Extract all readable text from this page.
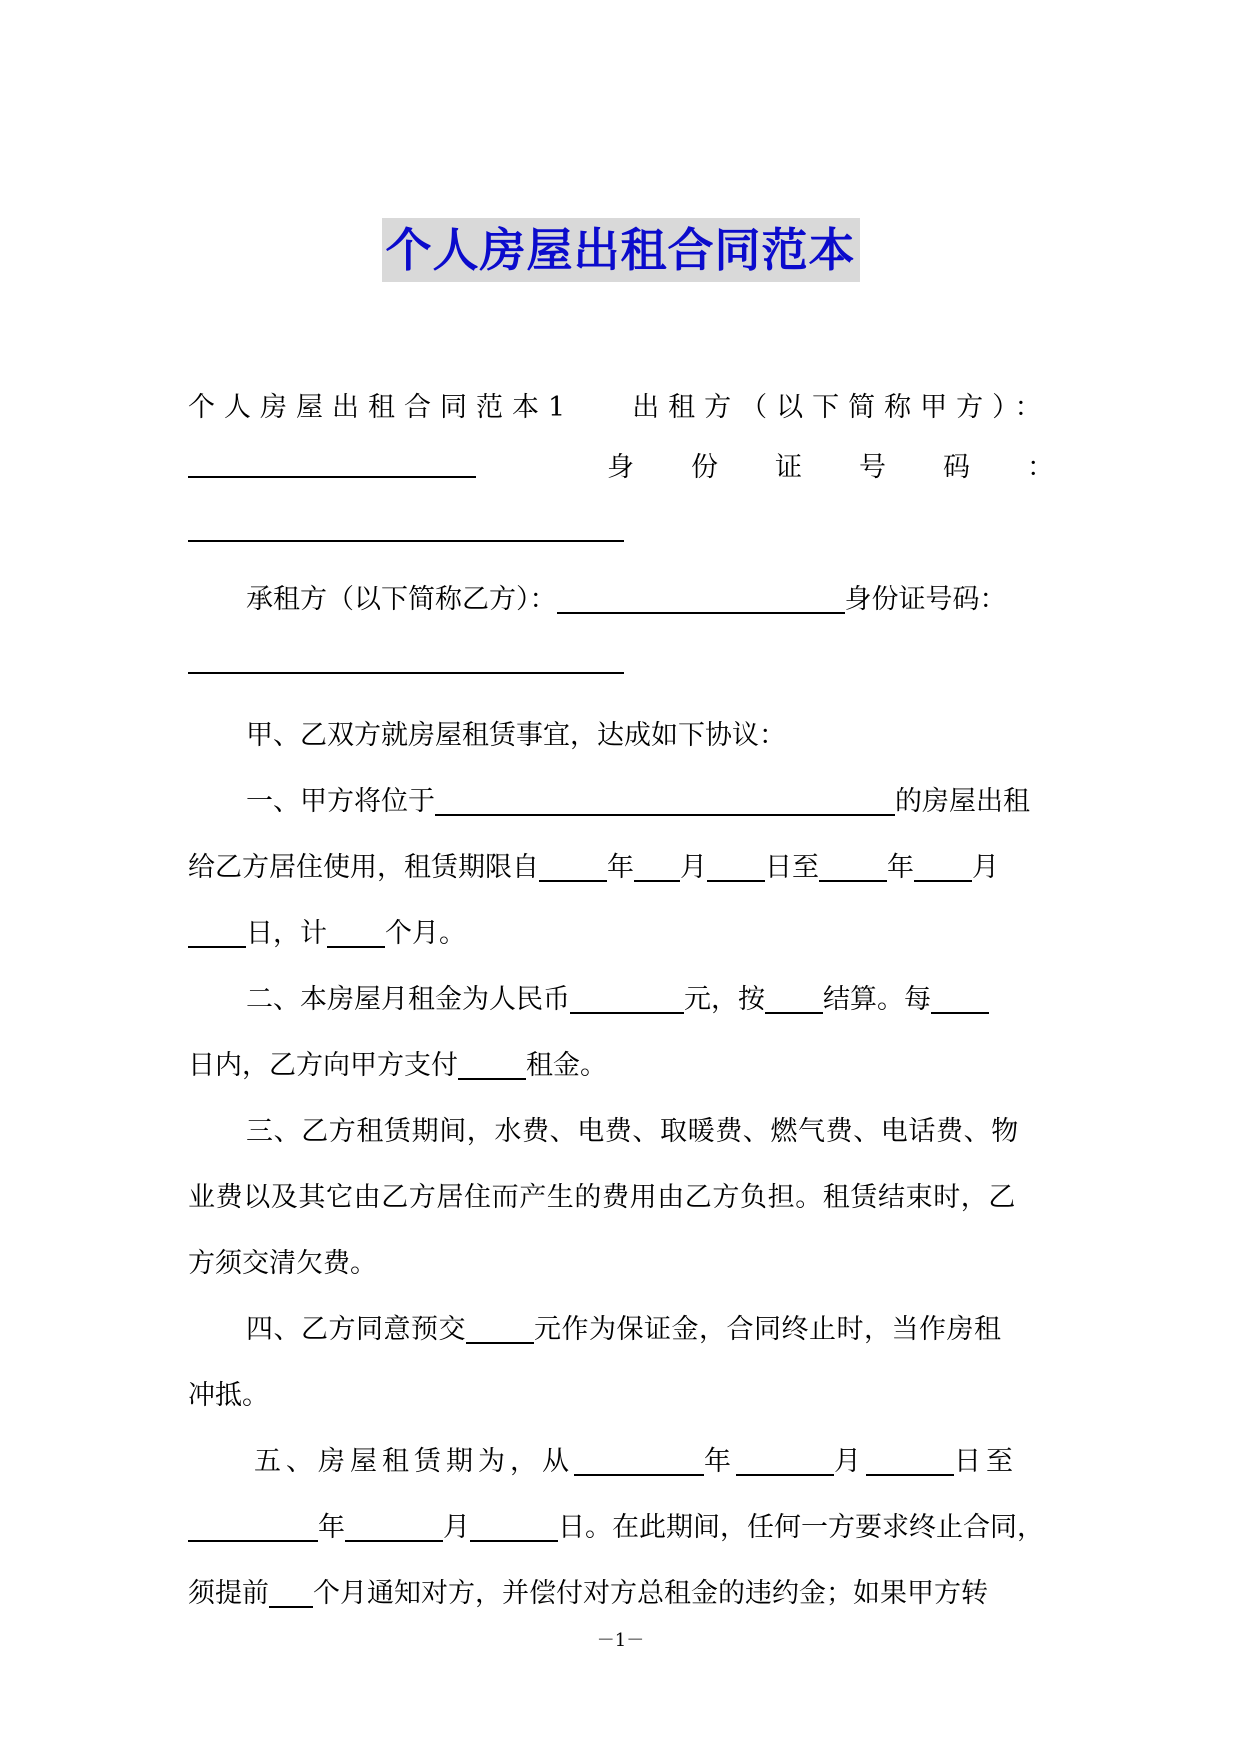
个人房屋出租合同范本
个人房屋出租合同范本1 出租方（以下简称甲方）：
身份证号码：
承租方（以下简称乙方）：	身份证号码：
甲、乙双方就房屋租赁事宜，达成如下协议：
一、甲方将位于	的房屋出租
给乙方居住使用，租赁期限自	年 月 日至	年 月
日，计 个月。
二、本房屋月租金为人民币	元，按 结算。每
日内，乙方向甲方支付	租金。
三、乙方租赁期间，水费、电费、取暖费、燃气费、电话费、物
业费以及其它由乙方居住而产生的费用由乙方负担。租赁结束时，乙
方须交清欠费。
四、乙方同意预交	元作为保证金，合同终止时，当作房租
冲抵。
五、房屋租赁期为，从	年	月	日至
年	月	日。在此期间，任何一方要求终止合同，
须提前 个月通知对方，并偿付对方总租金的违约金；如果甲方转
－1－
